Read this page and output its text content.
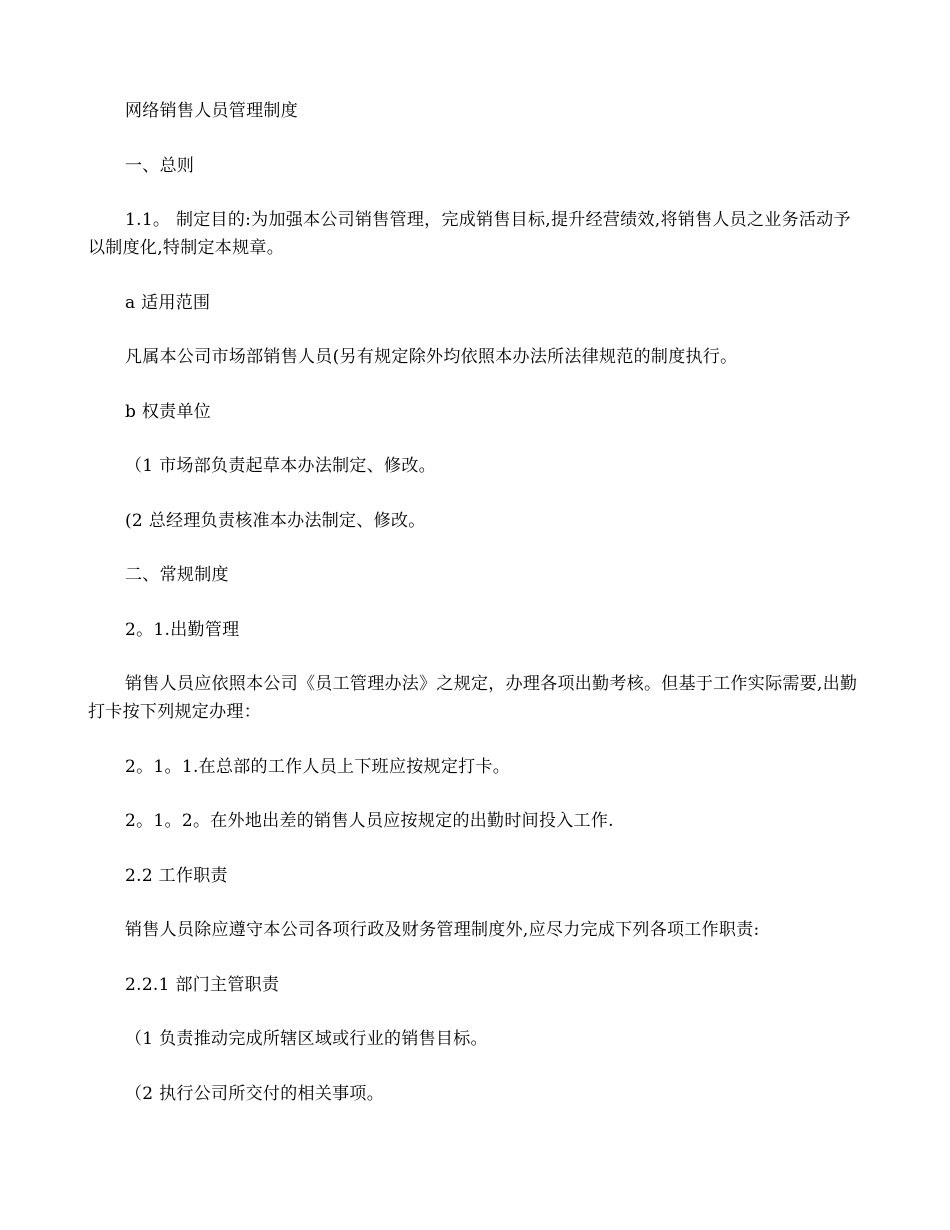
网络销售人员管理制度

一、总则

1.1。 制定目的:为加强本公司销售管理，完成销售目标,提升经营绩效,将销售人员之业务活动予以制度化,特制定本规章。

a 适用范围

凡属本公司市场部销售人员(另有规定除外均依照本办法所法律规范的制度执行。

b 权责单位

（1 市场部负责起草本办法制定、修改。

(2 总经理负责核准本办法制定、修改。

二、常规制度

2。1.出勤管理

销售人员应依照本公司《员工管理办法》之规定，办理各项出勤考核。但基于工作实际需要,出勤打卡按下列规定办理：

2。1。1.在总部的工作人员上下班应按规定打卡。

2。1。2。在外地出差的销售人员应按规定的出勤时间投入工作.

2.2 工作职责

销售人员除应遵守本公司各项行政及财务管理制度外,应尽力完成下列各项工作职责:

2.2.1 部门主管职责

（1 负责推动完成所辖区域或行业的销售目标。

（2 执行公司所交付的相关事项。
